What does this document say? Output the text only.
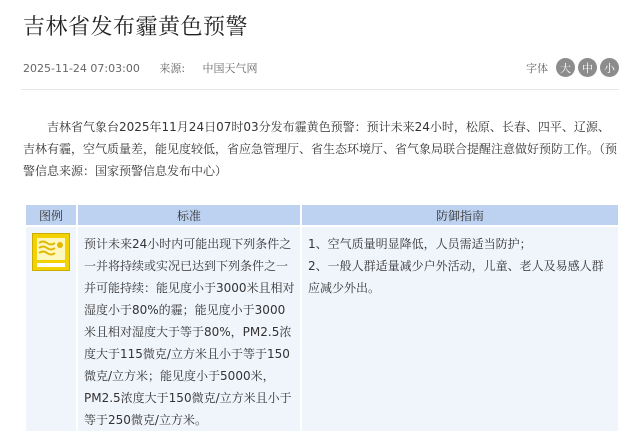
吉林省发布霾黄色预警
2025-11-24 07:03:00 来源: 中国天气网	字体	大	中	小
吉林省气象台2025年11月24日07时03分发布霾黄色预警：预计未来24小时，松原、长春、四平、辽源、吉林有霾，空气质量差，能见度较低，省应急管理厅、省生态环境厅、省气象局联合提醒注意做好预防工作。（预警信息来源：国家预警信息发布中心）
图例	标准	防御指南

预计未来24小时内可能出现下列条件之一并将持续或实况已达到下列条件之一并可能持续：能见度小于3000米且相对湿度小于80%的霾；能见度小于3000米且相对湿度大于等于80%，PM2.5浓度大于115微克/立方米且小于等于150微克/立方米；能见度小于5000米，PM2.5浓度大于150微克/立方米且小于等于250微克/立方米。	1、空气质量明显降低，人员需适当防护；
2、一般人群适量减少户外活动，儿童、老人及易感人群应减少外出。
